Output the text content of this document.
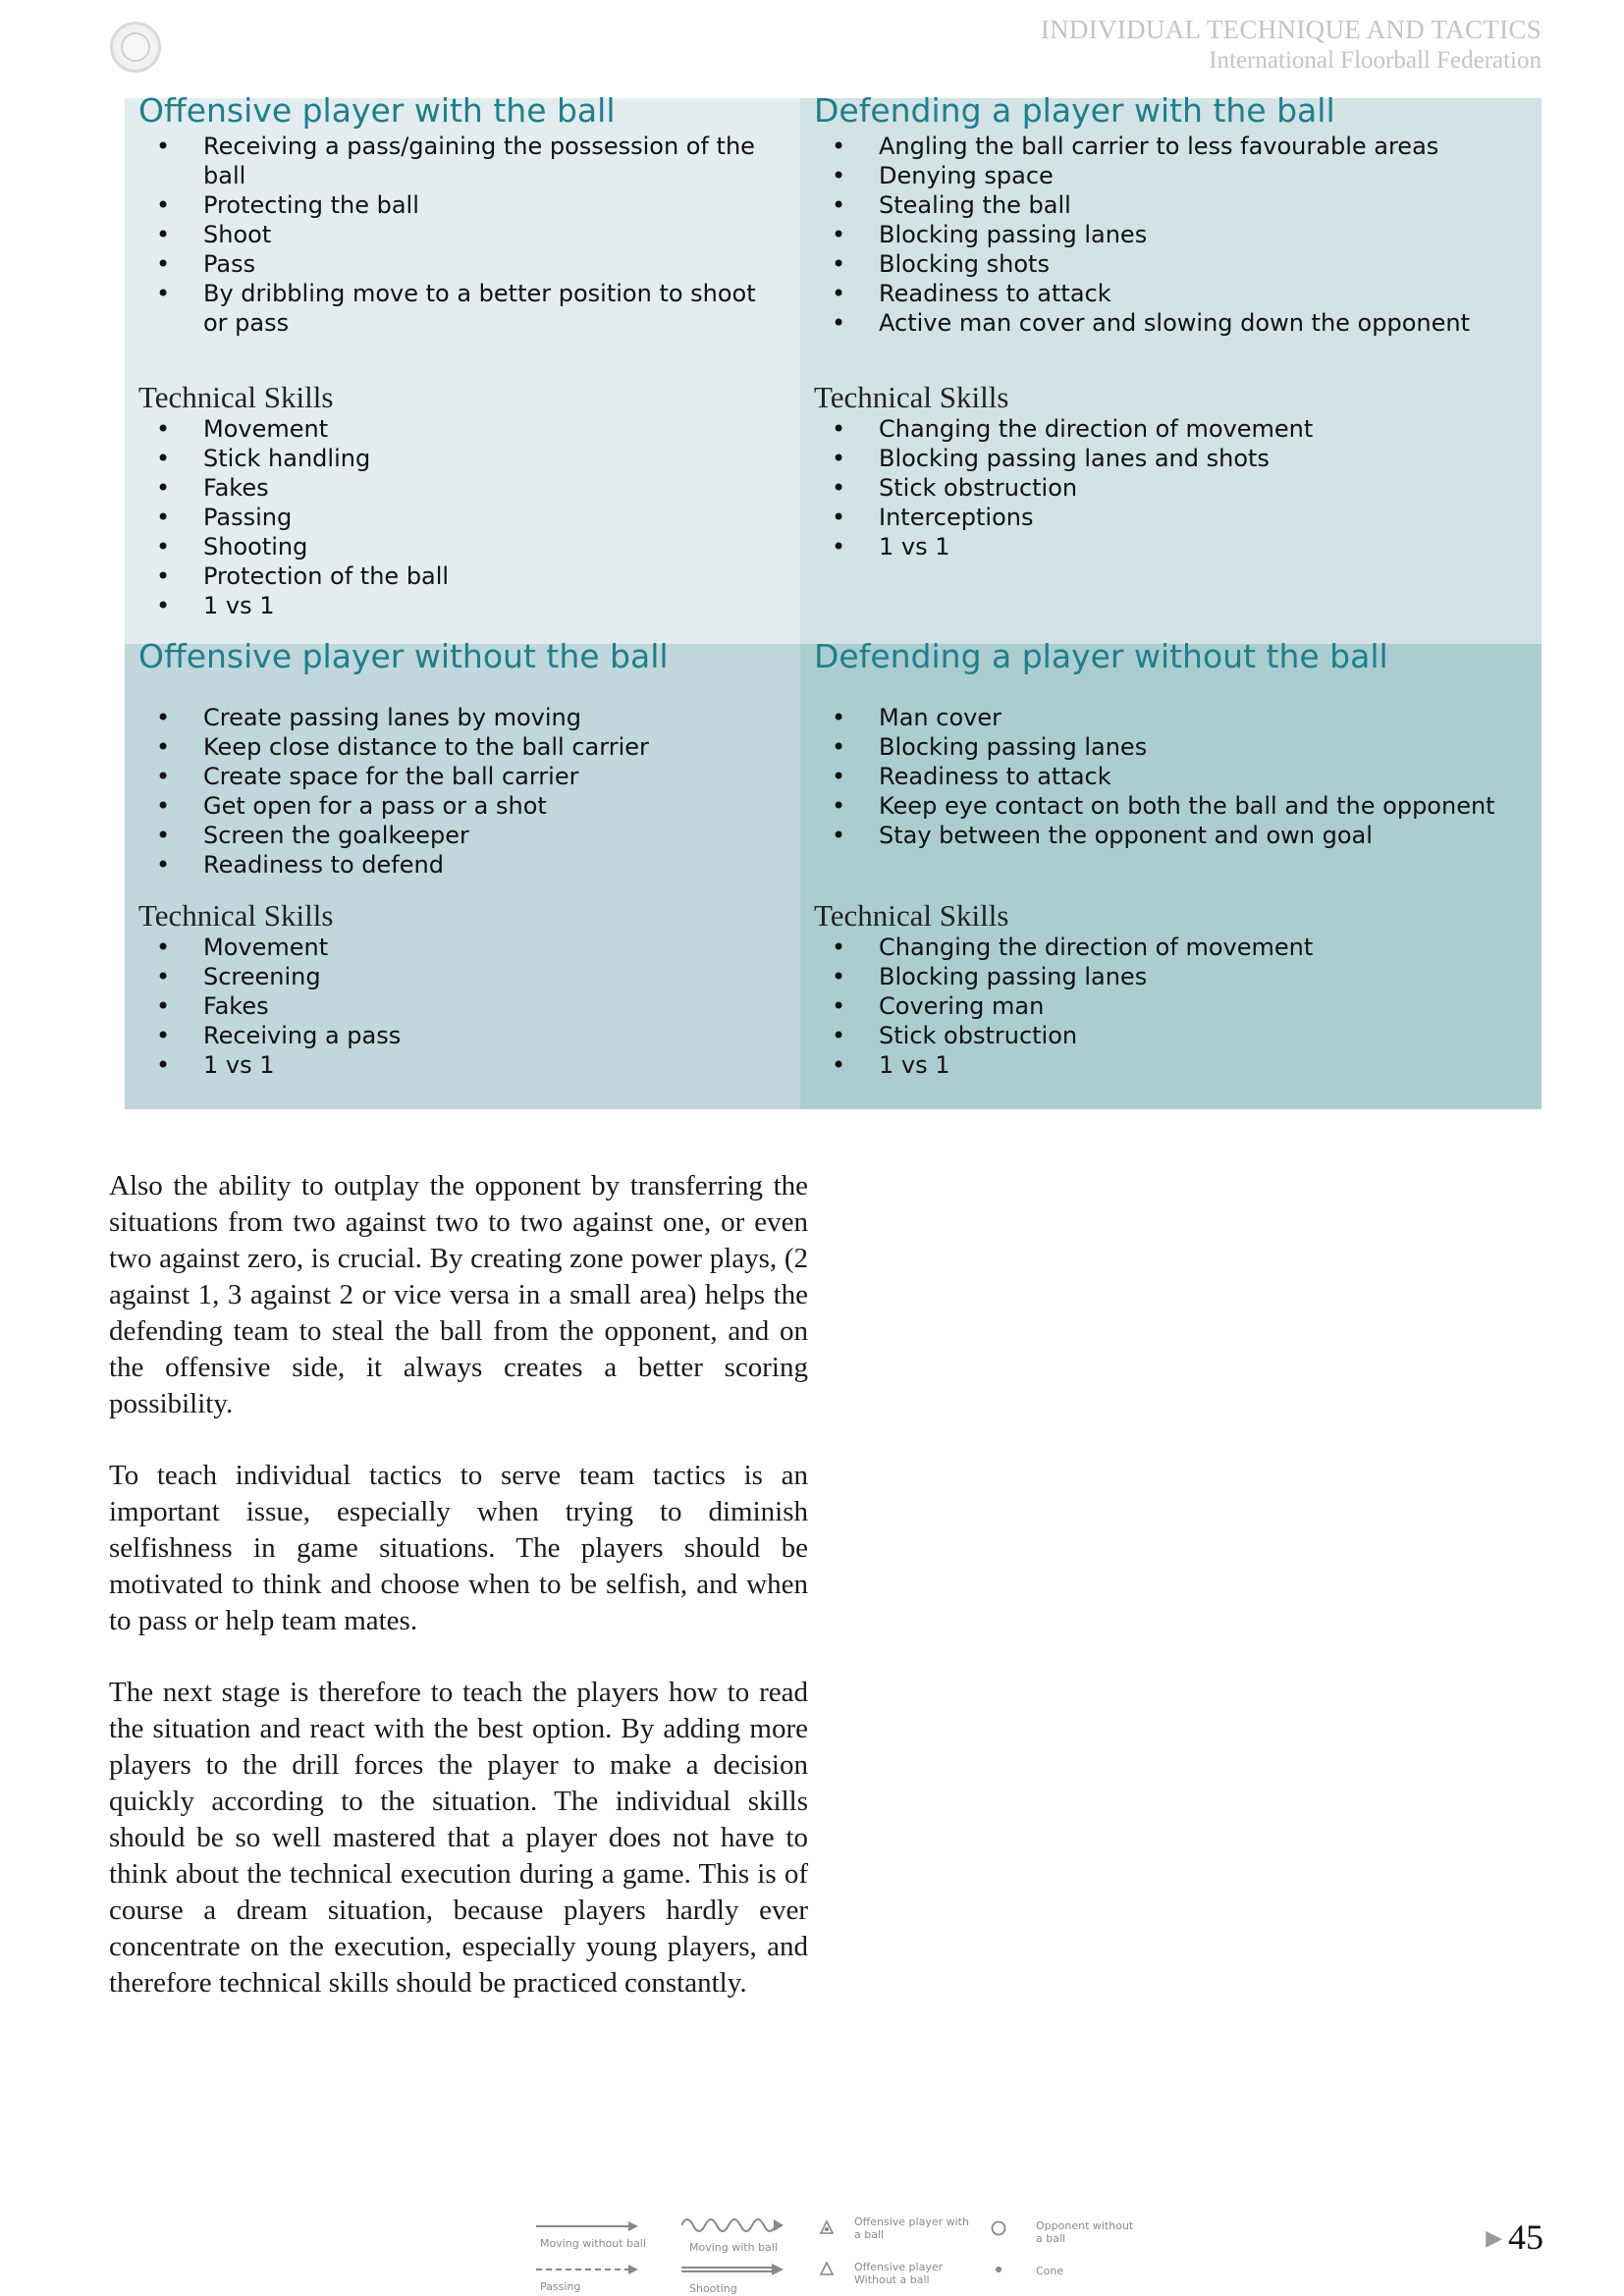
INDIVIDUAL TECHNIQUE AND TACTICS
International Floorball Federation
Offensive player with the ball
• Receiving a pass/gaining the possession of the ball
• Protecting the ball
• Shoot
• Pass
• By dribbling move to a better position to shoot or pass
Technical Skills
• Movement
• Stick handling
• Fakes
• Passing
• Shooting
• Protection of the ball
• 1 vs 1
Defending a player with the ball
• Angling the ball carrier to less favourable areas
• Denying space
• Stealing the ball
• Blocking passing lanes
• Blocking shots
• Readiness to attack
• Active man cover and slowing down the opponent
Technical Skills
• Changing the direction of movement
• Blocking passing lanes and shots
• Stick obstruction
• Interceptions
• 1 vs 1
Offensive player without the ball
• Create passing lanes by moving
• Keep close distance to the ball carrier
• Create space for the ball carrier
• Get open for a pass or a shot
• Screen the goalkeeper
• Readiness to defend
Technical Skills
• Movement
• Screening
• Fakes
• Receiving a pass
• 1 vs 1
Defending a player without the ball
• Man cover
• Blocking passing lanes
• Readiness to attack
• Keep eye contact on both the ball and the opponent
• Stay between the opponent and own goal
Technical Skills
• Changing the direction of movement
• Blocking passing lanes
• Covering man
• Stick obstruction
• 1 vs 1

Also the ability to outplay the opponent by transferring the situations from two against two to two against one, or even two against zero, is crucial. By creating zone power plays, (2 against 1, 3 against 2 or vice versa in a small area) helps the defending team to steal the ball from the opponent, and on the offensive side, it always creates a better scoring possibility.

To teach individual tactics to serve team tactics is an important issue, especially when trying to diminish selfishness in game situations. The players should be motivated to think and choose when to be selfish, and when to pass or help team mates.

The next stage is therefore to teach the players how to read the situation and react with the best option. By adding more players to the drill forces the player to make a decision quickly according to the situation. The individual skills should be so well mastered that a player does not have to think about the technical execution during a game. This is of course a dream situation, because players hardly ever concentrate on the execution, especially young players, and therefore technical skills should be practiced constantly.

Moving without ball	Moving with ball
Offensive player with
a ball
Opponent without
a ball
Passing	Shooting
Offensive player
Without a ball
Cone
▶ 45
